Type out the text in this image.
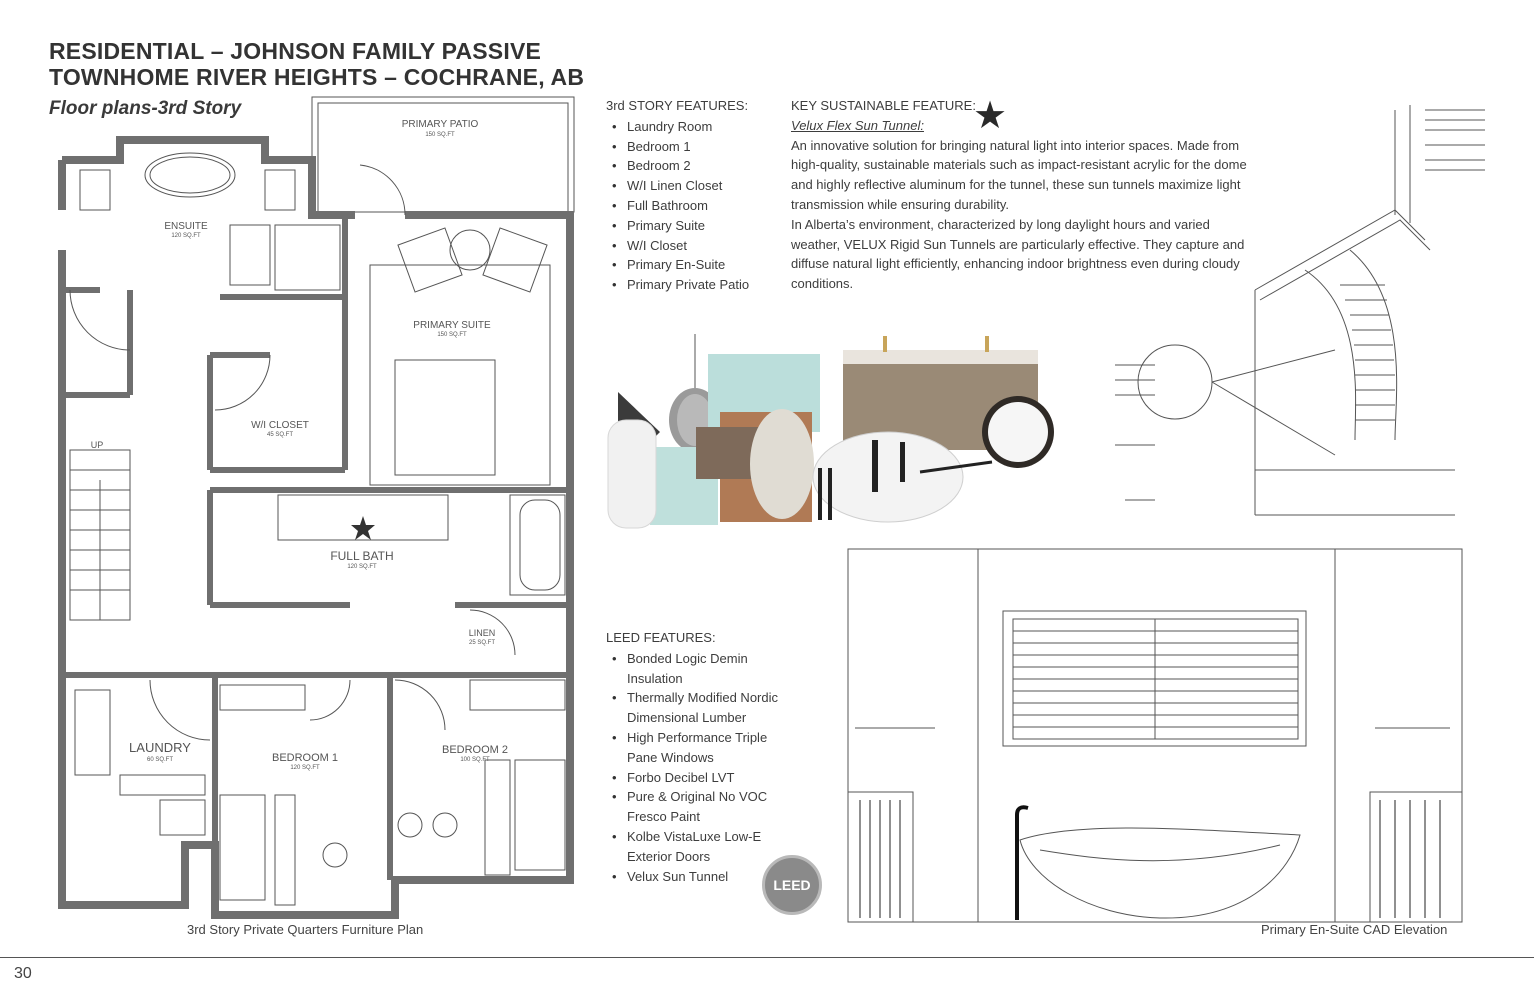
RESIDENTIAL – JOHNSON FAMILY PASSIVE
TOWNHOME RIVER HEIGHTS – COCHRANE, AB
Floor plans-3rd Story
PRIMARY PATIO
150 SQ.FT
ENSUITE
120 SQ.FT
PRIMARY SUITE
150 SQ.FT
W/I CLOSET
45 SQ.FT
FULL BATH
120 SQ.FT
LINEN
25 SQ.FT
LAUNDRY
60 SQ.FT	BEDROOM 1
120 SQ.FT
BEDROOM 2
100 SQ.FT
UP
3rd Story Private Quarters Furniture Plan
3rd STORY FEATURES:
• Laundry Room
• Bedroom 1
• Bedroom 2
• W/I Linen Closet
• Full Bathroom
• Primary Suite
• W/I Closet
• Primary En-Suite
• Primary Private Patio
KEY SUSTAINABLE FEATURE:
Velux Flex Sun Tunnel:
An innovative solution for bringing natural light into interior spaces. Made from high-quality, sustainable materials such as impact-resistant acrylic for the dome and highly reflective aluminum for the tunnel, these sun tunnels maximize light transmission while ensuring durability.
In Alberta’s environment, characterized by long daylight hours and varied weather, VELUX Rigid Sun Tunnels are particularly effective. They capture and diffuse natural light efficiently, enhancing indoor brightness even during cloudy conditions.
★
LEED FEATURES:
• Bonded Logic Demin
Insulation
• Thermally Modified Nordic
Dimensional Lumber
• High Performance Triple
Pane Windows
• Forbo Decibel LVT
• Pure & Original No VOC
Fresco Paint
• Kolbe VistaLuxe Low-E
Exterior Doors
• Velux Sun Tunnel
LEED
Primary En-Suite CAD Elevation
30
